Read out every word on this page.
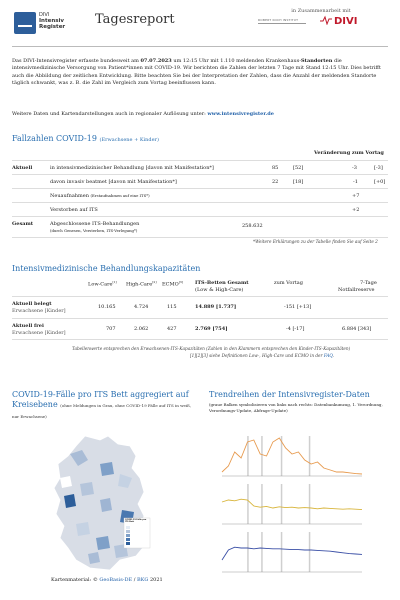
DIVI
Intensiv
Register Tagesreport
in Zusammenarbeit mit
ROBERT KOCH INSTITUT	DIVI
Das DIVI-Intensivregister erfasste bundesweit am 07.07.2023 um 12:15 Uhr mit 1.110 meldenden Krankenhaus-Standorten die intensivmedizinische Versorgung von Patient*innen mit COVID-19. Wir berichten die Zahlen der letzten 7 Tage mit Stand 12:15 Uhr. Dies betrifft auch die Abbildung der zeitlichen Entwicklung. Bitte beachten Sie bei der Interpretation der Zahlen, dass die Anzahl der meldenden Standorte täglich schwankt, was z. B. die Zahl im Vergleich zum Vortag beeinflussen kann.
Weitere Daten und Kartendarstellungen auch in regionaler Auflösung unter: www.intensivregister.de
Fallzahlen COVID-19 (Erwachsene + Kinder)
Veränderung zum Vortag
Aktuell	in intensivmedizinischer Behandlung [davon mit Manifestation*]	85	[52]	-3	[-3]
davon invasiv beatmet [davon mit Manifestation*]	22	[18]	-1	[+0]
Neuaufnahmen (Erstaufnahmen auf eine ITS*)	+7
Verstorben auf ITS	+2
Gesamt	Abgeschlossene ITS-Behandlungen
(durch Genesen, Versterben, ITS-Verlegung*)
258.632
*Weitere Erklärungen zu der Tabelle finden Sie auf Seite 2
Intensivmedizinische Behandlungskapazitäten
Low-Care[1] High-Care[2] ECMO[3] ITS-Betten Gesamt
(Low & High-Care)
zum Vortag	7-Tage
Notfallreserve
Aktuell belegt
Erwachsene [Kinder]
10.165	4.724	115	14.889 [1.737]	-151 [+13]
Aktuell frei
Erwachsene [Kinder]
707	2.062	427	2.769 [754]	-4 [-17]	6.884 [343]
Tabellenwerte entsprechen den Erwachsenen-ITS-Kapazitäten (Zahlen in den Klammern entsprechen den Kinder-ITS-Kapazitäten)
[1][2][3] siehe Definitionen Low-, High-Care und ECMO in der FAQ.
COVID-19-Fälle pro ITS Bett aggregiert auf
Kreisebene (ohne Meldungen in Grau, ohne COVID-19 Fälle auf ITS in weiß, nur Erwachsene)
COVID-19 Fälle pro ITS Bett
Kartenmaterial: © GeoBasis-DE / BKG 2021
Trendreihen der Intensivregister-Daten
(graue Balken symbolisieren von links nach rechts: Datenbankumzug, 1. Verordnung, Verordnungs-Update, Abfrage-Update)
